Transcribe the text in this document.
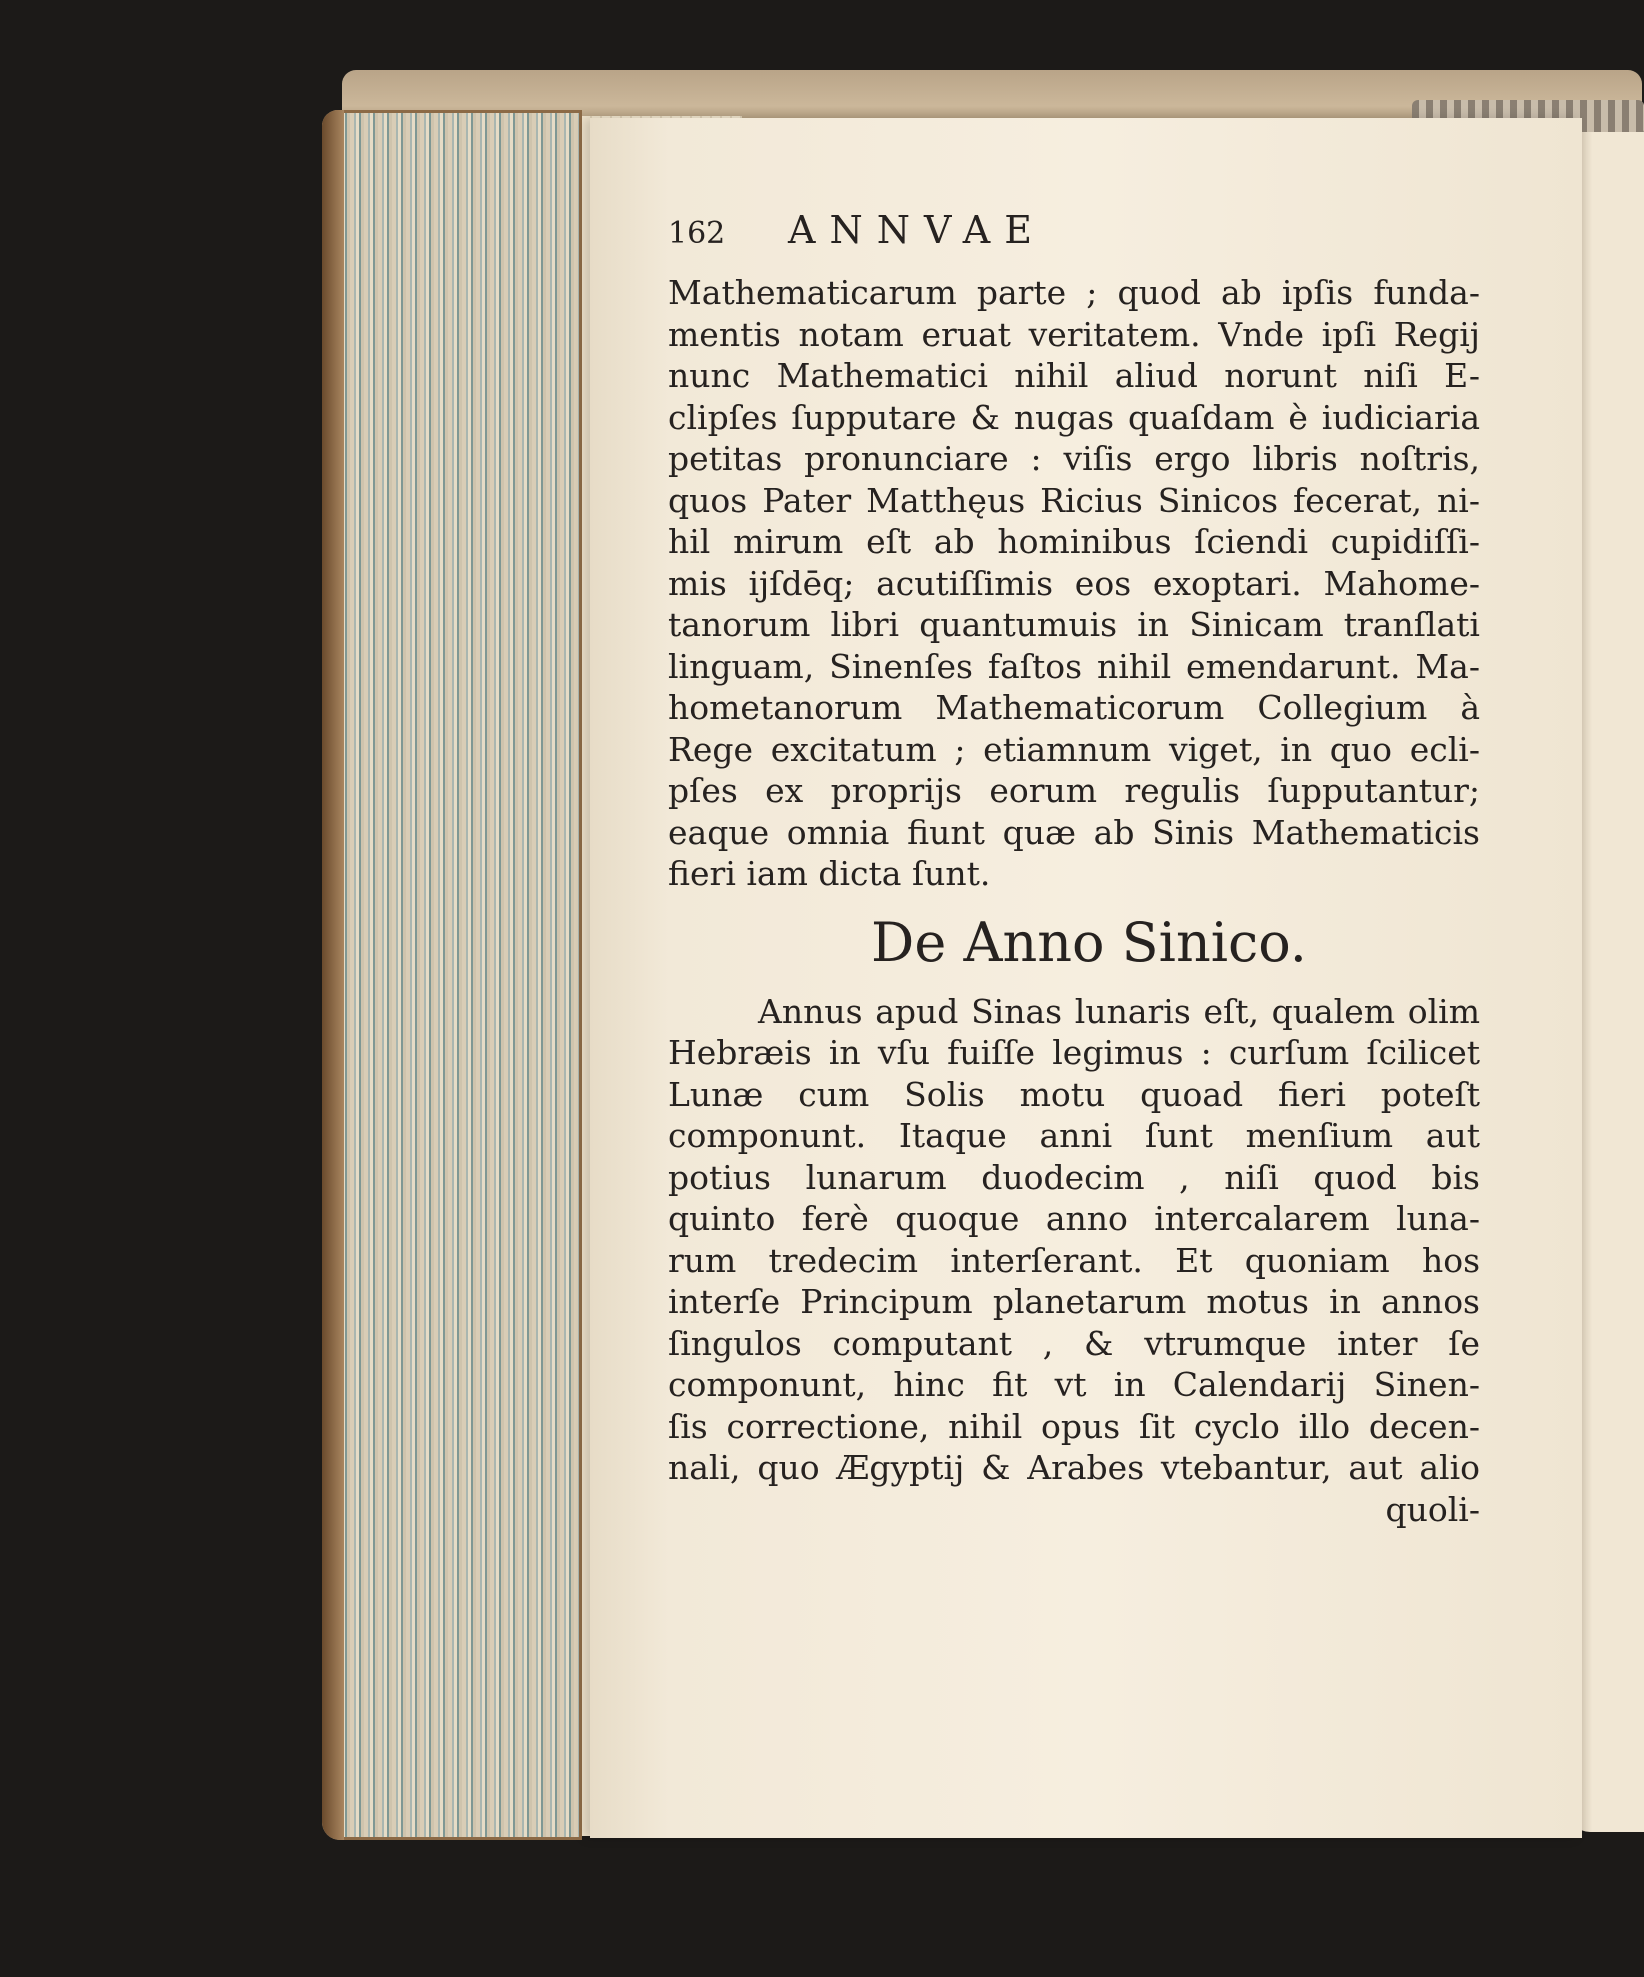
162	ANNVAE
Mathematicarum parte ; quod ab ipſis funda-
mentis notam eruat veritatem. Vnde ipſi Regij
nunc Mathematici nihil aliud norunt niſi E-
clipſes ſupputare & nugas quaſdam è iudiciaria
petitas pronunciare : viſis ergo libris noſtris,
quos Pater Matthęus Ricius Sinicos fecerat, ni-
hil mirum eſt ab hominibus ſciendi cupidiſſi-
mis ijſdēq; acutiſſimis eos exoptari. Mahome-
tanorum libri quantumuis in Sinicam tranſlati
linguam, Sinenſes faſtos nihil emendarunt. Ma-
hometanorum Mathematicorum Collegium à
Rege excitatum ; etiamnum viget, in quo ecli-
pſes ex proprijs eorum regulis ſupputantur;
eaque omnia fiunt quæ ab Sinis Mathematicis
fieri iam dicta ſunt.
De Anno Sinico.
Annus apud Sinas lunaris eſt, qualem olim
Hebræis in vſu fuiſſe legimus : curſum ſcilicet
Lunæ cum Solis motu quoad fieri poteſt
componunt. Itaque anni ſunt menſium aut
potius lunarum duodecim , niſi quod bis
quinto ferè quoque anno intercalarem luna-
rum tredecim interſerant. Et quoniam hos
interſe Principum planetarum motus in annos
ſingulos computant , & vtrumque inter ſe
componunt, hinc fit vt in Calendarij Sinen-
ſis correctione, nihil opus ſit cyclo illo decen-
nali, quo Ægyptij & Arabes vtebantur, aut alio
quoli-
